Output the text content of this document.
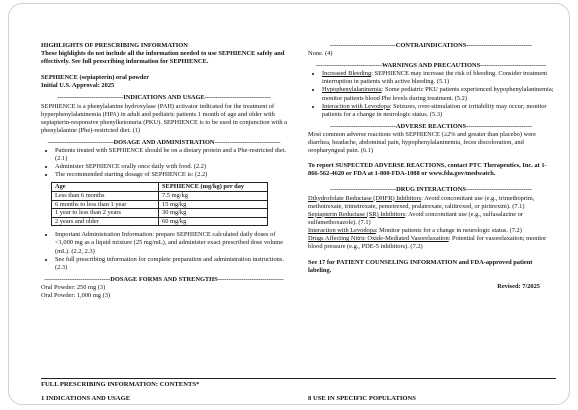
HIGHLIGHTS OF PRESCRIBING INFORMATION

These highlights do not include all the information needed to use SEPHIENCE safely and effectively. See full prescribing information for SEPHIENCE.

SEPHIENCE (sepiapterin) oral powder

Initial U.S. Approval: 2025

-------------------------------INDICATIONS AND USAGE-------------------------------

SEPHIENCE is a phenylalanine hydroxylase (PAH) activator indicated for the treatment of hyperphenylalaninemia (HPA) in adult and pediatric patients 1 month of age and older with sepiapterin-responsive phenylketonuria (PKU). SEPHIENCE is to be used in conjunction with a phenylalanine (Phe)-restricted diet. (1)

-------------------------------DOSAGE AND ADMINISTRATION-------------------------------

• Patients treated with SEPHIENCE should be on a dietary protein and a Phe-restricted diet. (2.1)
• Administer SEPHIENCE orally once daily with food. (2.2)
• The recommended starting dosage of SEPHIENCE is: (2.2)
Age	SEPHIENCE (mg/kg) per day
Less than 6 months	7.5 mg/kg
6 months to less than 1 year	15 mg/kg
1 year to less than 2 years	30 mg/kg
2 years and older	60 mg/kg
• Important Administration Information: prepare SEPHIENCE calculated daily doses of <1,000 mg as a liquid mixture (25 mg/mL), and administer exact prescribed dose volume (mL). (2.2, 2.3)
• See full prescribing information for complete preparation and administration instructions. (2.3)

-------------------------------DOSAGE FORMS AND STRENGTHS-------------------------------

Oral Powder: 250 mg (3)

Oral Powder: 1,000 mg (3)

-------------------------------CONTRAINDICATIONS-------------------------------

None. (4)

-------------------------------WARNINGS AND PRECAUTIONS-------------------------------

• Increased Bleeding: SEPHIENCE may increase the risk of bleeding. Consider treatment interruption in patients with active bleeding. (5.1)
• Hypophenylalaninemia: Some pediatric PKU patients experienced hypophenylalaninemia; monitor patients blood Phe levels during treatment. (5.2)
• Interaction with Levodopa: Seizures, over-stimulation or irritability may occur; monitor patients for a change in neurologic status. (5.3)

-------------------------------ADVERSE REACTIONS-------------------------------

Most common adverse reactions with SEPHIENCE (≥2% and greater than placebo) were diarrhea, headache, abdominal pain, hypophenylalaninemia, feces discoloration, and oropharyngeal pain. (6.1)

To report SUSPECTED ADVERSE REACTIONS, contact PTC Therapeutics, Inc. at 1-866-562-4620 or FDA at 1-800-FDA-1088 or www.fda.gov/medwatch.

-------------------------------DRUG INTERACTIONS-------------------------------

Dihydrofolate Reductase (DHFR) Inhibitors: Avoid concomitant use (e.g., trimethoprim, methotrexate, trimetrexate, pemetrexed, pralatrexate, raltitrexed, or piritrexim). (7.1)

Sepiapterin Reductase (SR) Inhibitors: Avoid concomitant use (e.g., sulfasalazine or sulfamethoxazole). (7.1)

Interaction with Levodopa: Monitor patients for a change in neurologic status. (7.2)

Drugs Affecting Nitric Oxide-Mediated Vasorelaxation: Potential for vasorelaxation; monitor blood pressure (e.g., PDE-5 inhibitors). (7.2)

See 17 for PATIENT COUNSELING INFORMATION and FDA-approved patient labeling.

Revised: 7/2025

FULL PRESCRIBING INFORMATION: CONTENTS*

1 INDICATIONS AND USAGE	8 USE IN SPECIFIC POPULATIONS
